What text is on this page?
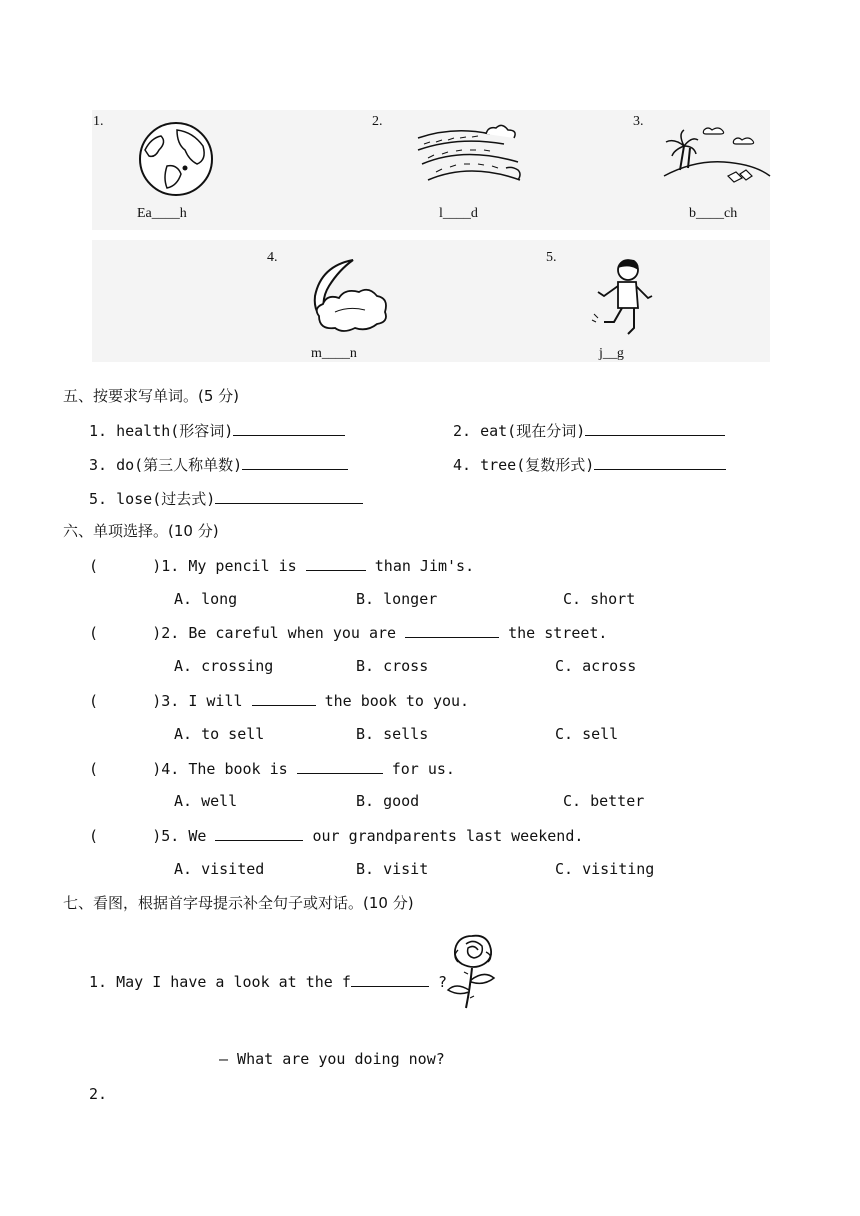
1.
Ea____h
2.
l____d
3.
b____ch
4.
m____n
5.
j__g
五、按要求写单词。(5 分)
1. health(形容词)	2. eat(现在分词)
3. do(第三人称单数)	4. tree(复数形式)
5. lose(过去式)
六、单项选择。(10 分)
(      )1. My pencil is	than Jim's.
A. long	B. longer	C. short
(      )2. Be careful when you are	the street.
A. crossing	B. cross	C. across
(      )3. I will	the book to you.
A. to sell	B. sells	C. sell
(      )4. The book is	for us.
A. well	B. good	C. better
(      )5. We	our grandparents last weekend.
A. visited	B. visit	C. visiting
七、看图，根据首字母提示补全句子或对话。(10 分)
1. May I have a look at the f	?
— What are you doing now?
2.
